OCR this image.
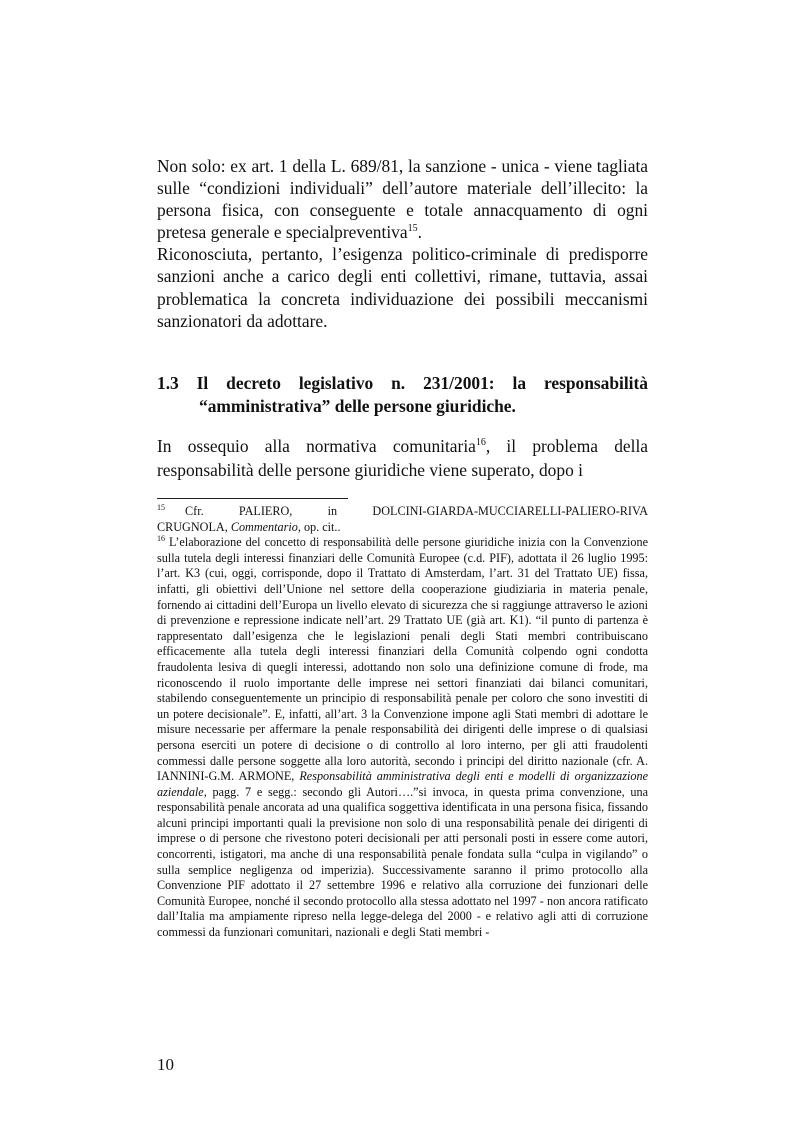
Non solo: ex art. 1 della L. 689/81, la sanzione - unica - viene tagliata sulle “condizioni individuali” dell’autore materiale dell’illecito: la persona fisica, con conseguente e totale annacquamento di ogni pretesa generale e specialpreventiva$^{15}$.

Riconosciuta, pertanto, l’esigenza politico-criminale di predisporre sanzioni anche a carico degli enti collettivi, rimane, tuttavia, assai problematica la concreta individuazione dei possibili meccanismi sanzionatori da adottare.

1.3 Il decreto legislativo n. 231/2001: la responsabilità
“amministrativa” delle persone giuridiche.

In ossequio alla normativa comunitaria$^{16}$, il problema della responsabilità delle persone giuridiche viene superato, dopo i

$^{15}$ Cfr. PALIERO, in DOLCINI-GIARDA-MUCCIARELLI-PALIERO-RIVA
CRUGNOLA, Commentario, op. cit..

$^{16}$ L’elaborazione del concetto di responsabilità delle persone giuridiche inizia con la Convenzione sulla tutela degli interessi finanziari delle Comunità Europee (c.d. PIF), adottata il 26 luglio 1995: l’art. K3 (cui, oggi, corrisponde, dopo il Trattato di Amsterdam, l’art. 31 del Trattato UE) fissa, infatti, gli obiettivi dell’Unione nel settore della cooperazione giudiziaria in materia penale, fornendo ai cittadini dell’Europa un livello elevato di sicurezza che si raggiunge attraverso le azioni di prevenzione e repressione indicate nell’art. 29 Trattato UE (già art. K1). “il punto di partenza è rappresentato dall’esigenza che le legislazioni penali degli Stati membri contribuiscano efficacemente alla tutela degli interessi finanziari della Comunità colpendo ogni condotta fraudolenta lesiva di quegli interessi, adottando non solo una definizione comune di frode, ma riconoscendo il ruolo importante delle imprese nei settori finanziati dai bilanci comunitari, stabilendo conseguentemente un principio di responsabilità penale per coloro che sono investiti di un potere decisionale”. E, infatti, all’art. 3 la Convenzione impone agli Stati membri di adottare le misure necessarie per affermare la penale responsabilità dei dirigenti delle imprese o di qualsiasi persona eserciti un potere di decisione o di controllo al loro interno, per gli atti fraudolenti commessi dalle persone soggette alla loro autorità, secondo i principi del diritto nazionale (cfr. A. IANNINI-G.M. ARMONE, Responsabilità amministrativa degli enti e modelli di organizzazione aziendale, pagg. 7 e segg.: secondo gli Autori….”si invoca, in questa prima convenzione, una responsabilità penale ancorata ad una qualifica soggettiva identificata in una persona fisica, fissando alcuni principi importanti quali la previsione non solo di una responsabilità penale dei dirigenti di imprese o di persone che rivestono poteri decisionali per atti personali posti in essere come autori, concorrenti, istigatori, ma anche di una responsabilità penale fondata sulla “culpa in vigilando” o sulla semplice negligenza od imperizia). Successivamente saranno il primo protocollo alla Convenzione PIF adottato il 27 settembre 1996 e relativo alla corruzione dei funzionari delle Comunità Europee, nonché il secondo protocollo alla stessa adottato nel 1997 - non ancora ratificato dall’Italia ma ampiamente ripreso nella legge-delega del 2000 - e relativo agli atti di corruzione commessi da funzionari comunitari, nazionali e degli Stati membri -

10
